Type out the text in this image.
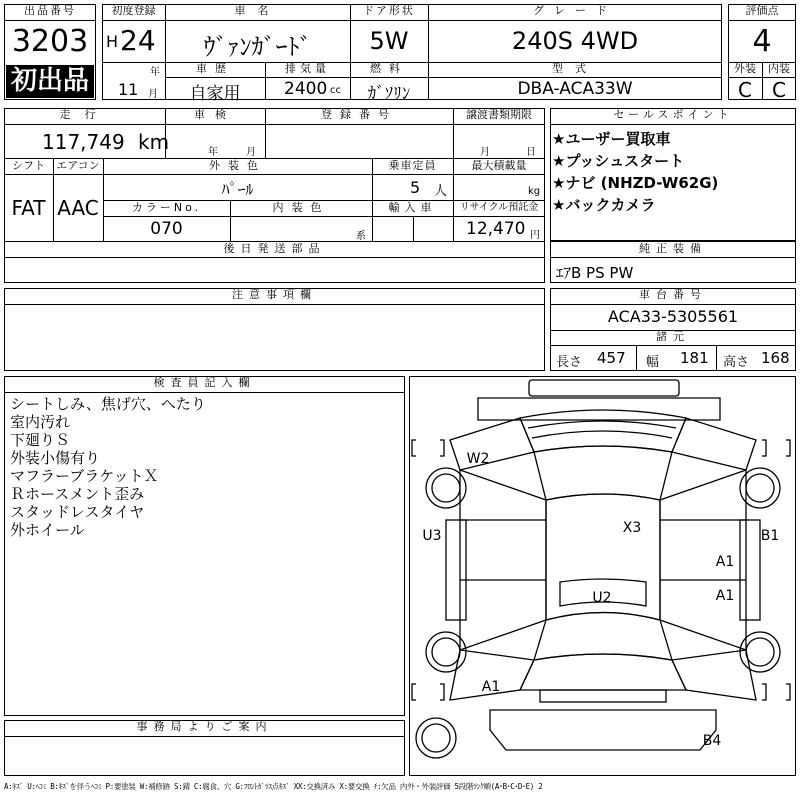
出品番号
3203
初出品
初度登録
H 24
年
11 月
車名
ｳﾞｧﾝｶﾞｰﾄﾞ
ドア形状
5W
グレード
240S 4WD
車歴
自家用
排気量
2400 cc
燃料
ｶﾞｿﾘﾝ
型式
DBA-ACA33W
評価点
4
外装	内装
C	C
走行
117,749 km
車検
年	月
登録番号	譲渡書類期限
月	日
シフト
FAT
エアコン
AAC
外装色
ﾊﾟｰﾙ
乗車定員
5 人
最大積載量
kg
カラーNo.
070
内装色
系
輸入車	リサイクル預託金
12,470 円
後日発送部品
セールスポイント
★ユーザー買取車
★プッシュスタート
★ナビ (NHZD-W62G)
★バックカメラ
純正装備
ｴｱB PS PW
注意事項欄	車台番号
ACA33-5305561
諸元
長さ 457 幅 181 高さ 168
検査員記入欄
シートしみ、焦げ穴、へたり
室内汚れ
下廻りＳ
外装小傷有り
マフラーブラケットＸ
Ｒホースメント歪み
スタッドレスタイヤ
外ホイール
事務局よりご案内
W2
X3
U3	B1
A1
A1
U2
A1
B4
A:ｷｽﾞ U:ﾍｺﾐ B:ｷｽﾞを伴うﾍｺﾐ P:要塗装 W:補修跡 S:錆 C:腐食、穴 G:ﾌﾛﾝﾄｶﾞﾗｽ点ｷｽﾞ XX:交換済み X:要交換 ﾁ:欠品 内外・外装評価 5段階ﾗﾝｸ順(A･B･C･D･E) 2
